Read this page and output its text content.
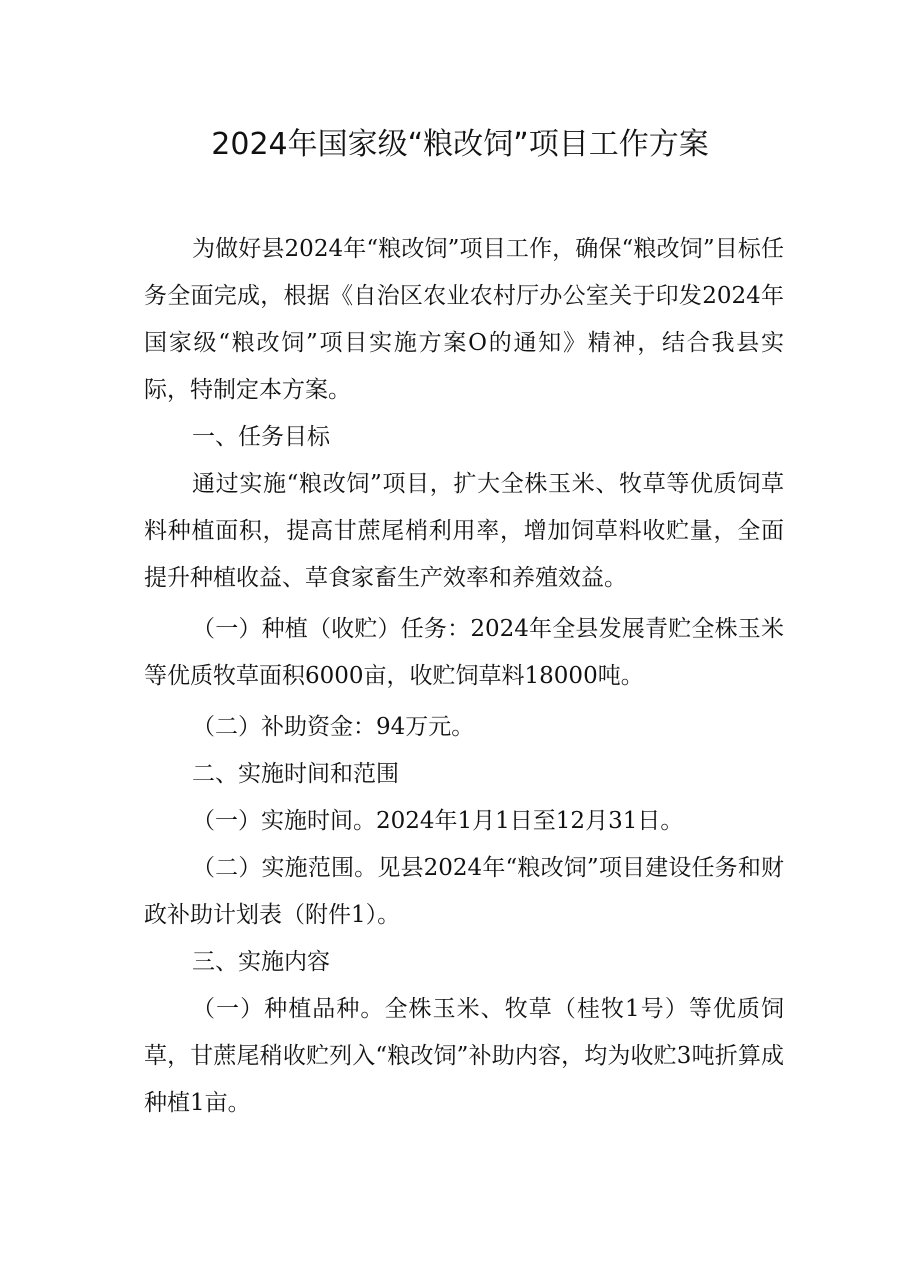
2024年国家级“粮改饲”项目工作方案

为做好县2024年“粮改饲”项目工作，确保“粮改饲”目标任务全面完成，根据《自治区农业农村厅办公室关于印发2024年国家级“粮改饲”项目实施方案O的通知》精神，结合我县实际，特制定本方案。

一、任务目标

通过实施“粮改饲”项目，扩大全株玉米、牧草等优质饲草料种植面积，提高甘蔗尾梢利用率，增加饲草料收贮量，全面提升种植收益、草食家畜生产效率和养殖效益。

（一）种植（收贮）任务：2024年全县发展青贮全株玉米等优质牧草面积6000亩，收贮饲草料18000吨。

（二）补助资金：94万元。

二、实施时间和范围

（一）实施时间。2024年1月1日至12月31日。

（二）实施范围。见县2024年“粮改饲”项目建设任务和财政补助计划表（附件1）。

三、实施内容

（一）种植品种。全株玉米、牧草（桂牧1号）等优质饲草，甘蔗尾稍收贮列入“粮改饲”补助内容，均为收贮3吨折算成种植1亩。
